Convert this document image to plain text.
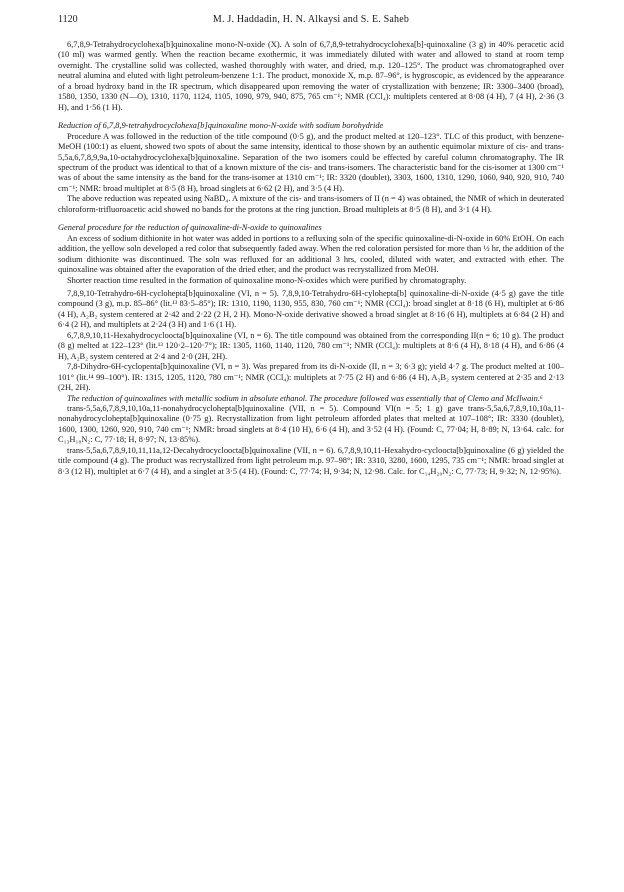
1120	M. J. Haddadin, H. N. Alkaysi and S. E. Saheb

6,7,8,9-Tetrahydrocyclohexa[b]quinoxaline mono-N-oxide (X). A soln of 6,7,8,9-tetrahydrocyclohexa[b]-quinoxaline (3 g) in 40% peracetic acid (10 ml) was warmed gently. When the reaction became exothermic, it was immediately diluted with water and allowed to stand at room temp overnight. The crystalline solid was collected, washed thoroughly with water, and dried, m.p. 120–125°. The product was chromatographed over neutral alumina and eluted with light petroleum-benzene 1:1. The product, monoxide X, m.p. 87–96°, is hygroscopic, as evidenced by the appearance of a broad hydroxy band in the IR spectrum, which disappeared upon removing the water of crystallization with benzene; IR: 3300–3400 (broad), 1580, 1350, 1330 (N—O), 1310, 1170, 1124, 1105, 1090, 979, 940, 875, 765 cm⁻¹; NMR (CCl₄): multiplets centered at 8·08 (4 H), 7 (4 H), 2·36 (3 H), and 1·56 (1 H).

Reduction of 6,7,8,9-tetrahydrocyclohexa[b]quinoxaline mono-N-oxide with sodium borohydride

Procedure A was followed in the reduction of the title compound (0·5 g), and the product melted at 120–123°. TLC of this product, with benzene-MeOH (100:1) as eluent, showed two spots of about the same intensity, identical to those shown by an authentic equimolar mixture of cis- and trans-5,5a,6,7,8,9,9a,10-octahydrocyclohexa[b]quinoxaline. Separation of the two isomers could be effected by careful column chromatography. The IR spectrum of the product was identical to that of a known mixture of the cis- and trans-isomers. The characteristic band for the cis-isomer at 1300 cm⁻¹ was of about the same intensity as the band for the trans-isomer at 1310 cm⁻¹; IR: 3320 (doublet), 3303, 1600, 1310, 1290, 1060, 940, 920, 910, 740 cm⁻¹; NMR: broad multiplet at 8·5 (8 H), broad singlets at 6·62 (2 H), and 3·5 (4 H).

The above reduction was repeated using NaBD₄. A mixture of the cis- and trans-isomers of II (n = 4) was obtained, the NMR of which in deuterated chloroform-trifluoroacetic acid showed no bands for the protons at the ring junction. Broad multiplets at 8·5 (8 H), and 3·1 (4 H).

General procedure for the reduction of quinoxaline-di-N-oxide to quinoxalines

An excess of sodium dithionite in hot water was added in portions to a refluxing soln of the specific quinoxaline-di-N-oxide in 60% EtOH. On each addition, the yellow soln developed a red color that subsequently faded away. When the red coloration persisted for more than ½ hr, the addition of the sodium dithionite was discontinued. The soln was refluxed for an additional 3 hrs, cooled, diluted with water, and extracted with ether. The quinoxaline was obtained after the evaporation of the dried ether, and the product was recrystallized from MeOH.

Shorter reaction time resulted in the formation of quinoxaline mono-N-oxides which were purified by chromatography.

7,8,9,10-Tetrahydro-6H-cycloheptа[b]quinoxaline (VI, n = 5). 7,8,9,10-Tetrahydro-6H-cylohepta[b] quinoxaline-di-N-oxide (4·5 g) gave the title compound (3 g), m.p. 85–86° (lit.¹³ 83·5–85°); IR: 1310, 1190, 1130, 955, 830, 760 cm⁻¹; NMR (CCl₄): broad singlet at 8·18 (6 H), multiplet at 6·86 (4 H), A₂B₂ system centered at 2·42 and 2·22 (2 H, 2 H). Mono-N-oxide derivative showed a broad singlet at 8·16 (6 H), multiplets at 6·84 (2 H) and 6·4 (2 H), and multiplets at 2·24 (3 H) and 1·6 (1 H).

6,7,8,9,10,11-Hexahydrocycloocta[b]quinoxaline (VI, n = 6). The title compound was obtained from the corresponding II(n = 6; 10 g). The product (8 g) melted at 122–123° (lit.¹³ 120·2–120·7°); IR: 1305, 1160, 1140, 1120, 780 cm⁻¹; NMR (CCl₄): multiplets at 8·6 (4 H), 8·18 (4 H), and 6·86 (4 H), A₂B₂ system centered at 2·4 and 2·0 (2H, 2H).

7,8-Dihydro-6H-cyclopenta[b]quinoxaline (VI, n = 3). Was prepared from its di-N-oxide (II, n = 3; 6·3 g); yield 4·7 g. The product melted at 100–101° (lit.¹⁴ 99–100°). IR: 1315, 1205, 1120, 780 cm⁻¹; NMR (CCl₄): multiplets at 7·75 (2 H) and 6·86 (4 H), A₂B₂ system centered at 2·35 and 2·13 (2H, 2H).

The reduction of quinoxalines with metallic sodium in absolute ethanol. The procedure followed was essentially that of Clemo and McIlwain.⁶

trans-5,5a,6,7,8,9,10,10a,11-nonahydrocyclohepta[b]quinoxaline (VII, n = 5). Compound VI(n = 5; 1 g) gave trans-5,5a,6,7,8,9,10,10a,11-nonahydrocyclohepta[b]quinoxaline (0·75 g). Recrystallization from light petroleum afforded plates that melted at 107–108°; IR: 3330 (doublet), 1600, 1300, 1260, 920, 910, 740 cm⁻¹; NMR: broad singlets at 8·4 (10 H), 6·6 (4 H), and 3·52 (4 H). (Found: C, 77·04; H, 8·89; N, 13·64. calc. for C₁₃H₁₈N₂: C, 77·18; H, 8·97; N, 13·85%).

trans-5,5a,6,7,8,9,10,11,11a,12-Decahydrocycloocta[b]quinoxaline (VII, n = 6). 6,7,8,9,10,11-Hexahydro-cycloocta[b]quinoxaline (6 g) yielded the title compound (4 g). The product was recrystallized from light petroleum m.p. 97–98°; IR: 3310, 3280, 1600, 1295, 735 cm⁻¹; NMR: broad singlet at 8·3 (12 H), multiplet at 6·7 (4 H), and a singlet at 3·5 (4 H). (Found: C, 77·74; H, 9·34; N, 12·98. Calc. for C₁₄H₂₀N₂: C, 77·73; H, 9·32; N, 12·95%).
